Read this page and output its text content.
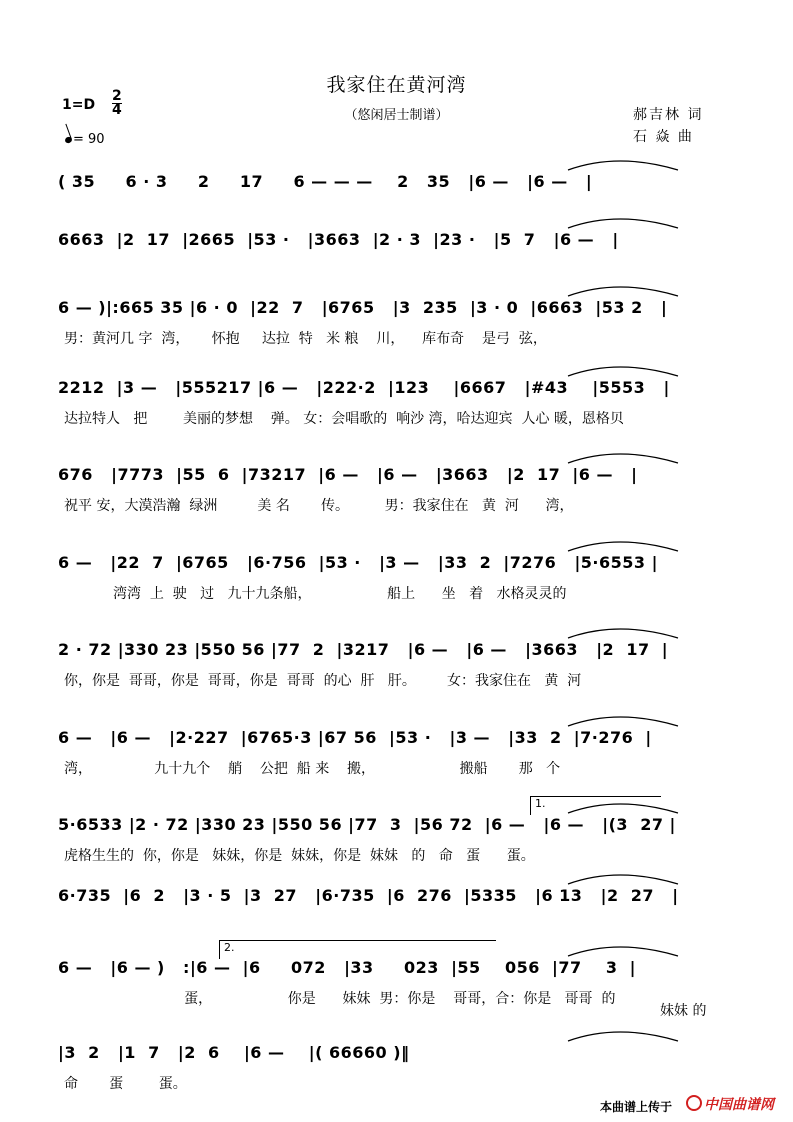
我家住在黄河湾
（悠闲居士制谱）
$1=D \frac{2}{4}$
= 90
郝吉林 词
石 焱 曲
( 35     6 · 3     2     17     6 — — —    2   35   |6 —   |6 —   |
6663  |2  17  |2665  |53 ·   |3663  |2 · 3  |23 ·   |5  7   |6 —   |
6 — )|:665 35 |6 · 0  |22  7   |6765   |3  235  |3 · 0  |6663  |53 2   |
男：黄河几 字  湾，     怀抱     达拉  特   米 粮    川，    库布奇    是弓  弦，
2212  |3 —   |555217 |6 —   |222·2  |123    |6667   |#43    |5553   |
达拉特人   把        美丽的梦想    弹。 女：会唱歌的  响沙 湾，哈达迎宾  人心 暖，恩格贝
676   |7773  |55  6  |73217  |6 —   |6 —   |3663   |2  17  |6 —   |
祝平 安，大漠浩瀚  绿洲         美 名       传。        男：我家住在   黄  河      湾，
6 —   |22  7  |6765   |6·756  |53 ·   |3 —   |33  2  |7276   |5·6553 |
湾湾  上  驶   过   九十九条船，                 船上      坐   着   水格灵灵的
2 · 72 |330 23 |550 56 |77  2  |3217   |6 —   |6 —   |3663   |2  17  |
你，你是  哥哥，你是  哥哥，你是  哥哥  的心  肝   肝。       女：我家住在   黄  河
6 —   |6 —   |2·227  |6765·3 |67 56  |53 ·   |3 —   |33  2  |7·276  |
湾，              九十九个    艄    公把  船 来    搬，                   搬船       那   个
5·6533 |2 · 72 |330 23 |550 56 |77  3  |56 72  |6 —   |6 —   |(3  27 |
虎格生生的  你，你是   妹妹，你是  妹妹，你是  妹妹   的   命   蛋      蛋。
6·735  |6  2   |3 · 5  |3  27   |6·735  |6  276  |5335   |6 13   |2  27   |
6 —   |6 — )   :|6 —  |6     072   |33     023  |55    056  |77    3  |
蛋，                 你是      妹妹  男：你是    哥哥，合：你是   哥哥  的
|3  2   |1  7   |2  6    |6 —    |( 66660 )‖
命       蛋        蛋。
1.
2.
妹妹 的
本曲谱上传于	中国曲谱网
